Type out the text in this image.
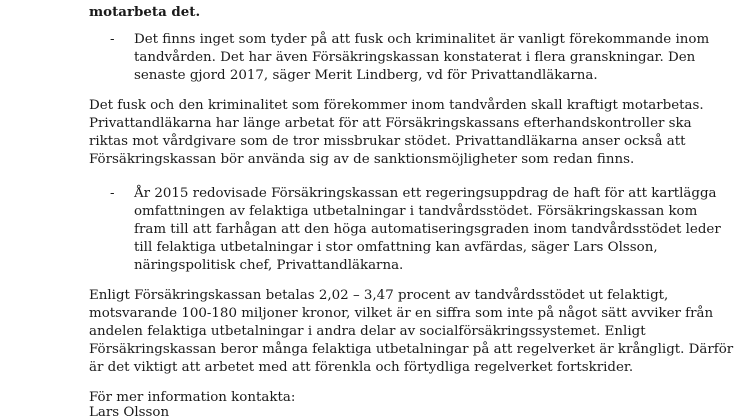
motarbeta det.
- Det finns inget som tyder på att fusk och kriminalitet är vanligt förekommande inom
tandvården. Det har även Försäkringskassan konstaterat i flera granskningar. Den
senaste gjord 2017, säger Merit Lindberg, vd för Privattandläkarna.
Det fusk och den kriminalitet som förekommer inom tandvården skall kraftigt motarbetas.
Privattandläkarna har länge arbetat för att Försäkringskassans efterhandskontroller ska
riktas mot vårdgivare som de tror missbrukar stödet. Privattandläkarna anser också att
Försäkringskassan bör använda sig av de sanktionsmöjligheter som redan finns.
- År 2015 redovisade Försäkringskassan ett regeringsuppdrag de haft för att kartlägga
omfattningen av felaktiga utbetalningar i tandvårdsstödet. Försäkringskassan kom
fram till att farhågan att den höga automatiseringsgraden inom tandvårdsstödet leder
till felaktiga utbetalningar i stor omfattning kan avfärdas, säger Lars Olsson,
näringspolitisk chef, Privattandläkarna.
Enligt Försäkringskassan betalas 2,02 – 3,47 procent av tandvårdsstödet ut felaktigt,
motsvarande 100-180 miljoner kronor, vilket är en siffra som inte på något sätt avviker från
andelen felaktiga utbetalningar i andra delar av socialförsäkringssystemet. Enligt
Försäkringskassan beror många felaktiga utbetalningar på att regelverket är krångligt. Därför
är det viktigt att arbetet med att förenkla och förtydliga regelverket fortskrider.
För mer information kontakta:
Lars Olsson
